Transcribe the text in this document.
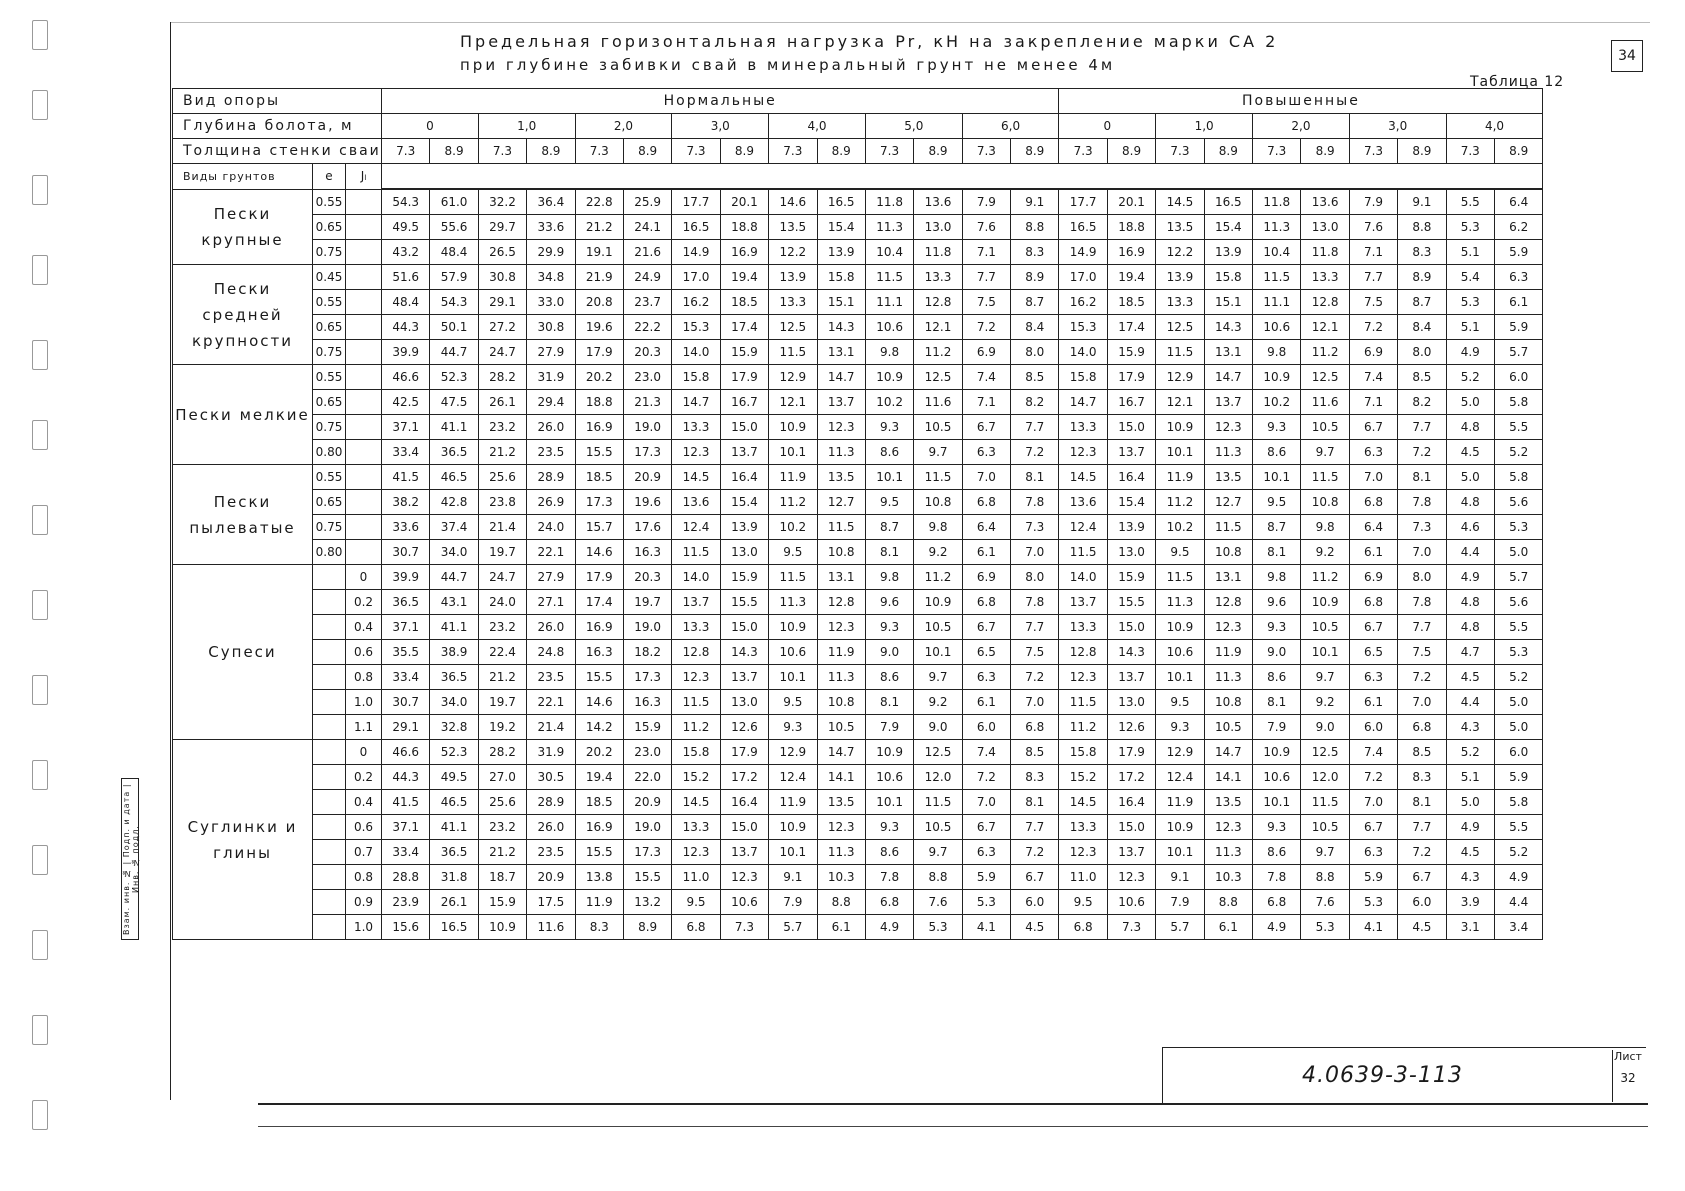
Взам. инв. № | Подп. и дата | Инв. № подл.
Предельная горизонтальная нагрузка Pr, кН на закрепление марки СА 2
при глубине забивки свай в минеральный грунт не менее 4м	34
Таблица 12
Вид опоры			Нормальные														Повышенные									
Глубина болота, м			0		1,0		2,0		3,0		4,0		5,0		6,0		0		1,0		2,0		3,0		4,0	
Толщина стенки сваи			7.3	8.9	7.3	8.9	7.3	8.9	7.3	8.9	7.3	8.9	7.3	8.9	7.3	8.9	7.3	8.9	7.3	8.9	7.3	8.9	7.3	8.9	7.3	8.9
Виды грунтов	e	Jₗ																								
Пески крупные	0.55		54.3	61.0	32.2	36.4	22.8	25.9	17.7	20.1	14.6	16.5	11.8	13.6	7.9	9.1	17.7	20.1	14.5	16.5	11.8	13.6	7.9	9.1	5.5	6.4
	0.65		49.5	55.6	29.7	33.6	21.2	24.1	16.5	18.8	13.5	15.4	11.3	13.0	7.6	8.8	16.5	18.8	13.5	15.4	11.3	13.0	7.6	8.8	5.3	6.2
	0.75		43.2	48.4	26.5	29.9	19.1	21.6	14.9	16.9	12.2	13.9	10.4	11.8	7.1	8.3	14.9	16.9	12.2	13.9	10.4	11.8	7.1	8.3	5.1	5.9
Пески средней крупности	0.45		51.6	57.9	30.8	34.8	21.9	24.9	17.0	19.4	13.9	15.8	11.5	13.3	7.7	8.9	17.0	19.4	13.9	15.8	11.5	13.3	7.7	8.9	5.4	6.3
	0.55		48.4	54.3	29.1	33.0	20.8	23.7	16.2	18.5	13.3	15.1	11.1	12.8	7.5	8.7	16.2	18.5	13.3	15.1	11.1	12.8	7.5	8.7	5.3	6.1
	0.65		44.3	50.1	27.2	30.8	19.6	22.2	15.3	17.4	12.5	14.3	10.6	12.1	7.2	8.4	15.3	17.4	12.5	14.3	10.6	12.1	7.2	8.4	5.1	5.9
	0.75		39.9	44.7	24.7	27.9	17.9	20.3	14.0	15.9	11.5	13.1	9.8	11.2	6.9	8.0	14.0	15.9	11.5	13.1	9.8	11.2	6.9	8.0	4.9	5.7
Пески мелкие	0.55		46.6	52.3	28.2	31.9	20.2	23.0	15.8	17.9	12.9	14.7	10.9	12.5	7.4	8.5	15.8	17.9	12.9	14.7	10.9	12.5	7.4	8.5	5.2	6.0
	0.65		42.5	47.5	26.1	29.4	18.8	21.3	14.7	16.7	12.1	13.7	10.2	11.6	7.1	8.2	14.7	16.7	12.1	13.7	10.2	11.6	7.1	8.2	5.0	5.8
	0.75		37.1	41.1	23.2	26.0	16.9	19.0	13.3	15.0	10.9	12.3	9.3	10.5	6.7	7.7	13.3	15.0	10.9	12.3	9.3	10.5	6.7	7.7	4.8	5.5
	0.80		33.4	36.5	21.2	23.5	15.5	17.3	12.3	13.7	10.1	11.3	8.6	9.7	6.3	7.2	12.3	13.7	10.1	11.3	8.6	9.7	6.3	7.2	4.5	5.2
Пески пылеватые	0.55		41.5	46.5	25.6	28.9	18.5	20.9	14.5	16.4	11.9	13.5	10.1	11.5	7.0	8.1	14.5	16.4	11.9	13.5	10.1	11.5	7.0	8.1	5.0	5.8
	0.65		38.2	42.8	23.8	26.9	17.3	19.6	13.6	15.4	11.2	12.7	9.5	10.8	6.8	7.8	13.6	15.4	11.2	12.7	9.5	10.8	6.8	7.8	4.8	5.6
	0.75		33.6	37.4	21.4	24.0	15.7	17.6	12.4	13.9	10.2	11.5	8.7	9.8	6.4	7.3	12.4	13.9	10.2	11.5	8.7	9.8	6.4	7.3	4.6	5.3
	0.80		30.7	34.0	19.7	22.1	14.6	16.3	11.5	13.0	9.5	10.8	8.1	9.2	6.1	7.0	11.5	13.0	9.5	10.8	8.1	9.2	6.1	7.0	4.4	5.0
Супеси		0	39.9	44.7	24.7	27.9	17.9	20.3	14.0	15.9	11.5	13.1	9.8	11.2	6.9	8.0	14.0	15.9	11.5	13.1	9.8	11.2	6.9	8.0	4.9	5.7
		0.2	36.5	43.1	24.0	27.1	17.4	19.7	13.7	15.5	11.3	12.8	9.6	10.9	6.8	7.8	13.7	15.5	11.3	12.8	9.6	10.9	6.8	7.8	4.8	5.6
		0.4	37.1	41.1	23.2	26.0	16.9	19.0	13.3	15.0	10.9	12.3	9.3	10.5	6.7	7.7	13.3	15.0	10.9	12.3	9.3	10.5	6.7	7.7	4.8	5.5
		0.6	35.5	38.9	22.4	24.8	16.3	18.2	12.8	14.3	10.6	11.9	9.0	10.1	6.5	7.5	12.8	14.3	10.6	11.9	9.0	10.1	6.5	7.5	4.7	5.3
		0.8	33.4	36.5	21.2	23.5	15.5	17.3	12.3	13.7	10.1	11.3	8.6	9.7	6.3	7.2	12.3	13.7	10.1	11.3	8.6	9.7	6.3	7.2	4.5	5.2
		1.0	30.7	34.0	19.7	22.1	14.6	16.3	11.5	13.0	9.5	10.8	8.1	9.2	6.1	7.0	11.5	13.0	9.5	10.8	8.1	9.2	6.1	7.0	4.4	5.0
		1.1	29.1	32.8	19.2	21.4	14.2	15.9	11.2	12.6	9.3	10.5	7.9	9.0	6.0	6.8	11.2	12.6	9.3	10.5	7.9	9.0	6.0	6.8	4.3	5.0
Суглинки и глины		0	46.6	52.3	28.2	31.9	20.2	23.0	15.8	17.9	12.9	14.7	10.9	12.5	7.4	8.5	15.8	17.9	12.9	14.7	10.9	12.5	7.4	8.5	5.2	6.0
		0.2	44.3	49.5	27.0	30.5	19.4	22.0	15.2	17.2	12.4	14.1	10.6	12.0	7.2	8.3	15.2	17.2	12.4	14.1	10.6	12.0	7.2	8.3	5.1	5.9
		0.4	41.5	46.5	25.6	28.9	18.5	20.9	14.5	16.4	11.9	13.5	10.1	11.5	7.0	8.1	14.5	16.4	11.9	13.5	10.1	11.5	7.0	8.1	5.0	5.8
		0.6	37.1	41.1	23.2	26.0	16.9	19.0	13.3	15.0	10.9	12.3	9.3	10.5	6.7	7.7	13.3	15.0	10.9	12.3	9.3	10.5	6.7	7.7	4.9	5.5
		0.7	33.4	36.5	21.2	23.5	15.5	17.3	12.3	13.7	10.1	11.3	8.6	9.7	6.3	7.2	12.3	13.7	10.1	11.3	8.6	9.7	6.3	7.2	4.5	5.2
		0.8	28.8	31.8	18.7	20.9	13.8	15.5	11.0	12.3	9.1	10.3	7.8	8.8	5.9	6.7	11.0	12.3	9.1	10.3	7.8	8.8	5.9	6.7	4.3	4.9
		0.9	23.9	26.1	15.9	17.5	11.9	13.2	9.5	10.6	7.9	8.8	6.8	7.6	5.3	6.0	9.5	10.6	7.9	8.8	6.8	7.6	5.3	6.0	3.9	4.4
		1.0	15.6	16.5	10.9	11.6	8.3	8.9	6.8	7.3	5.7	6.1	4.9	5.3	4.1	4.5	6.8	7.3	5.7	6.1	4.9	5.3	4.1	4.5	3.1	3.4
4.0639-3-113
Лист
32
